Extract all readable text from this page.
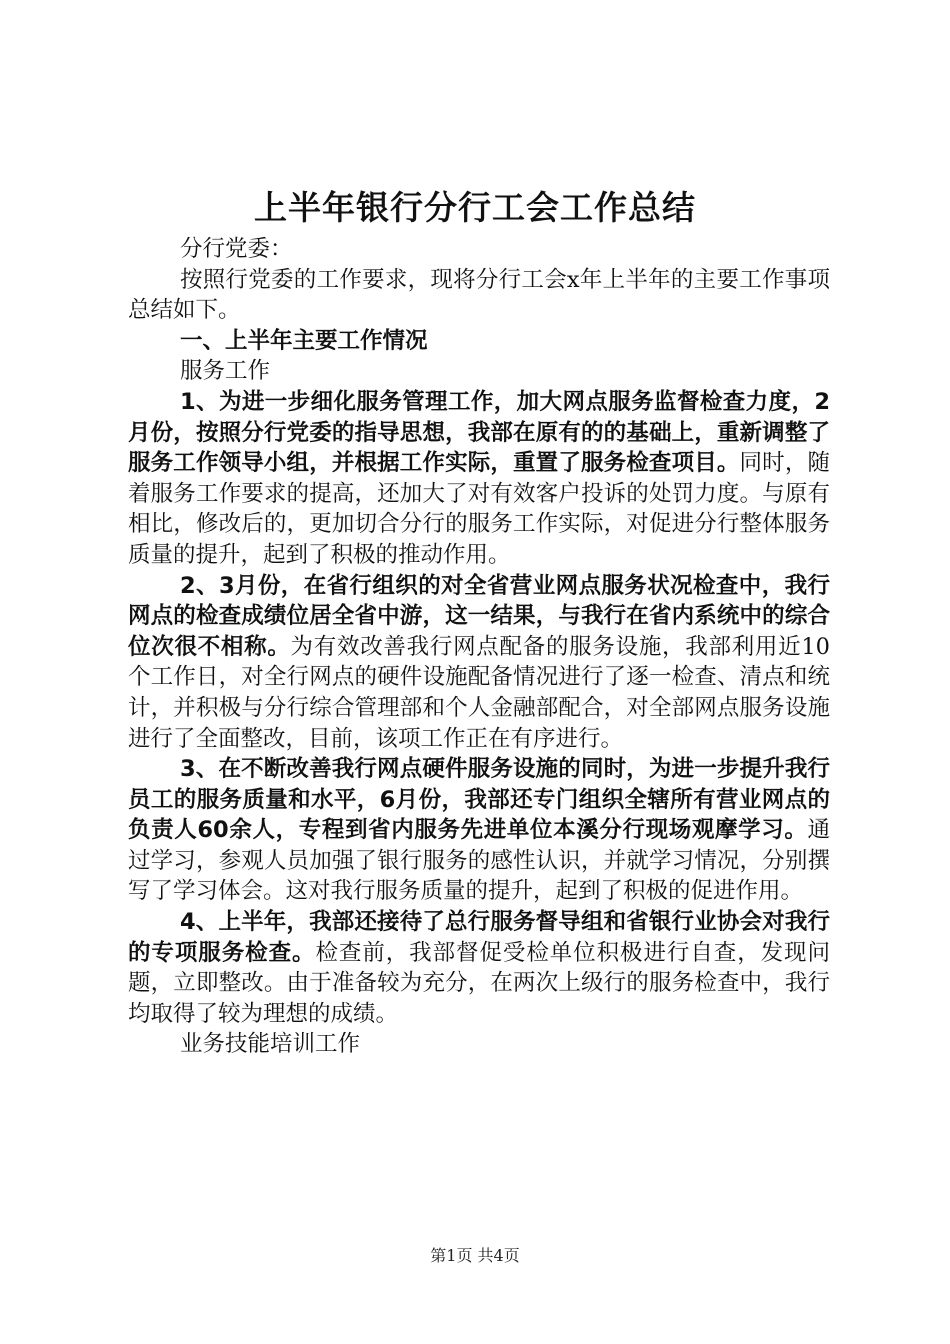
上半年银行分行工会工作总结

分行党委：

按照行党委的工作要求，现将分行工会x年上半年的主要工作事项总结如下。

一、上半年主要工作情况

服务工作

1、为进一步细化服务管理工作，加大网点服务监督检查力度，2月份，按照分行党委的指导思想，我部在原有的的基础上，重新调整了服务工作领导小组，并根据工作实际，重置了服务检查项目。同时，随着服务工作要求的提高，还加大了对有效客户投诉的处罚力度。与原有相比，修改后的，更加切合分行的服务工作实际，对促进分行整体服务质量的提升，起到了积极的推动作用。

2、3月份，在省行组织的对全省营业网点服务状况检查中，我行网点的检查成绩位居全省中游，这一结果，与我行在省内系统中的综合位次很不相称。为有效改善我行网点配备的服务设施，我部利用近10个工作日，对全行网点的硬件设施配备情况进行了逐一检查、清点和统计，并积极与分行综合管理部和个人金融部配合，对全部网点服务设施进行了全面整改，目前，该项工作正在有序进行。

3、在不断改善我行网点硬件服务设施的同时，为进一步提升我行员工的服务质量和水平，6月份，我部还专门组织全辖所有营业网点的负责人60余人，专程到省内服务先进单位本溪分行现场观摩学习。通过学习，参观人员加强了银行服务的感性认识，并就学习情况，分别撰写了学习体会。这对我行服务质量的提升，起到了积极的促进作用。

4、上半年，我部还接待了总行服务督导组和省银行业协会对我行的专项服务检查。检查前，我部督促受检单位积极进行自查，发现问题，立即整改。由于准备较为充分，在两次上级行的服务检查中，我行均取得了较为理想的成绩。

业务技能培训工作

第1页 共4页
